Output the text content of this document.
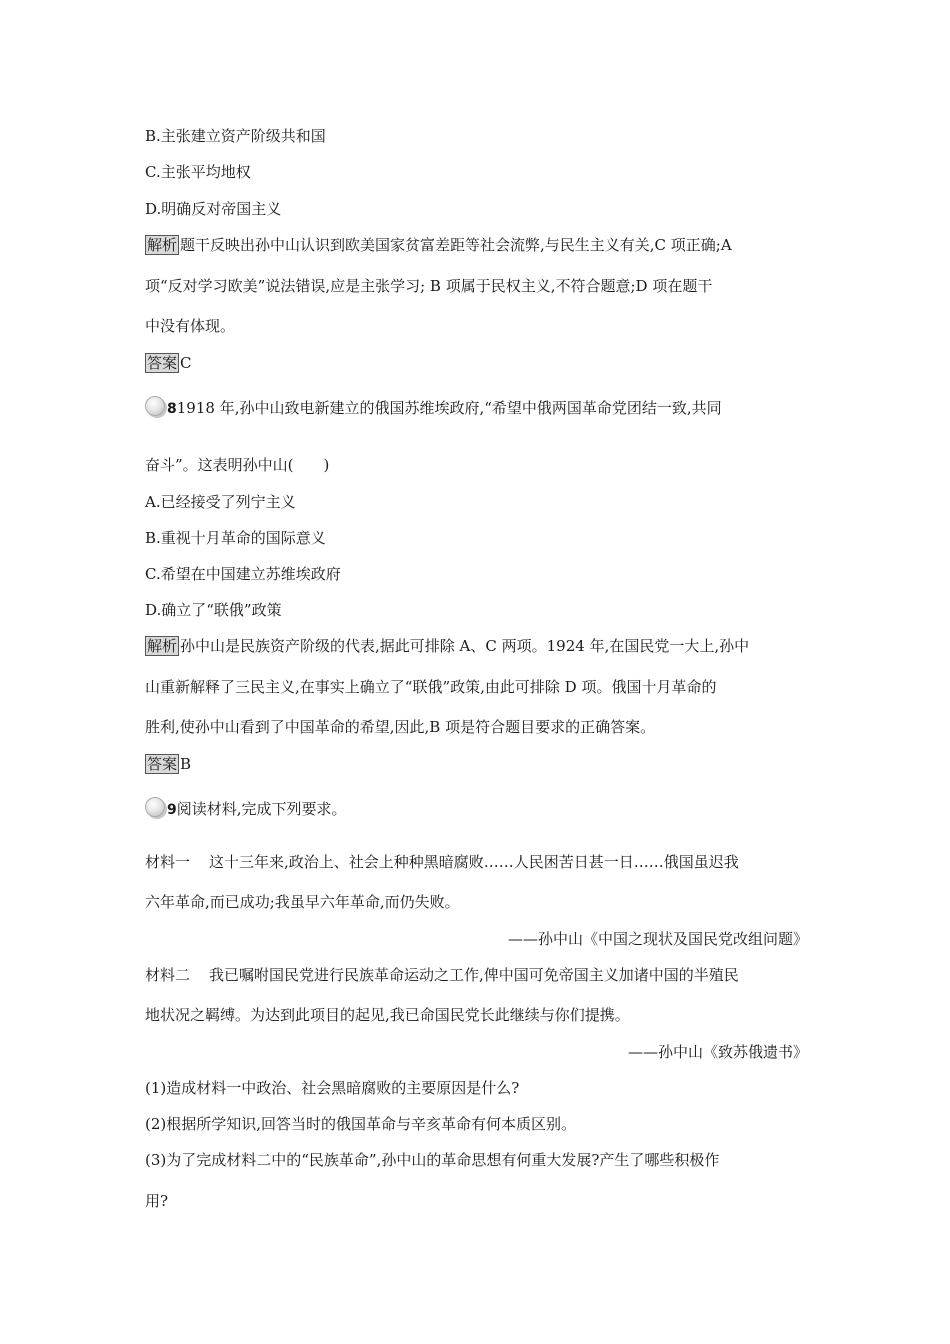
B.主张建立资产阶级共和国
C.主张平均地权
D.明确反对帝国主义
解析 题干反映出孙中山认识到欧美国家贫富差距等社会流弊,与民生主义有关,C 项正确;A
项“反对学习欧美”说法错误,应是主张学习; B 项属于民权主义,不符合题意;D 项在题干
中没有体现。
答案 C
81918 年,孙中山致电新建立的俄国苏维埃政府,“希望中俄两国革命党团结一致,共同
奋斗”。这表明孙中山(　　)
A.已经接受了列宁主义
B.重视十月革命的国际意义
C.希望在中国建立苏维埃政府
D.确立了“联俄”政策
解析 孙中山是民族资产阶级的代表,据此可排除 A、C 两项。1924 年,在国民党一大上,孙中
山重新解释了三民主义,在事实上确立了“联俄”政策,由此可排除 D 项。俄国十月革命的
胜利,使孙中山看到了中国革命的希望,因此,B 项是符合题目要求的正确答案。
答案 B
9阅读材料,完成下列要求。
材料一 这十三年来,政治上、社会上种种黑暗腐败……人民困苦日甚一日……俄国虽迟我
六年革命,而已成功;我虽早六年革命,而仍失败。
——孙中山《中国之现状及国民党改组问题》
材料二 我已嘱咐国民党进行民族革命运动之工作,俾中国可免帝国主义加诸中国的半殖民
地状况之羁缚。为达到此项目的起见,我已命国民党长此继续与你们提携。
——孙中山《致苏俄遗书》
(1)造成材料一中政治、社会黑暗腐败的主要原因是什么?
(2)根据所学知识,回答当时的俄国革命与辛亥革命有何本质区别。
(3)为了完成材料二中的“民族革命”,孙中山的革命思想有何重大发展?产生了哪些积极作
用?
